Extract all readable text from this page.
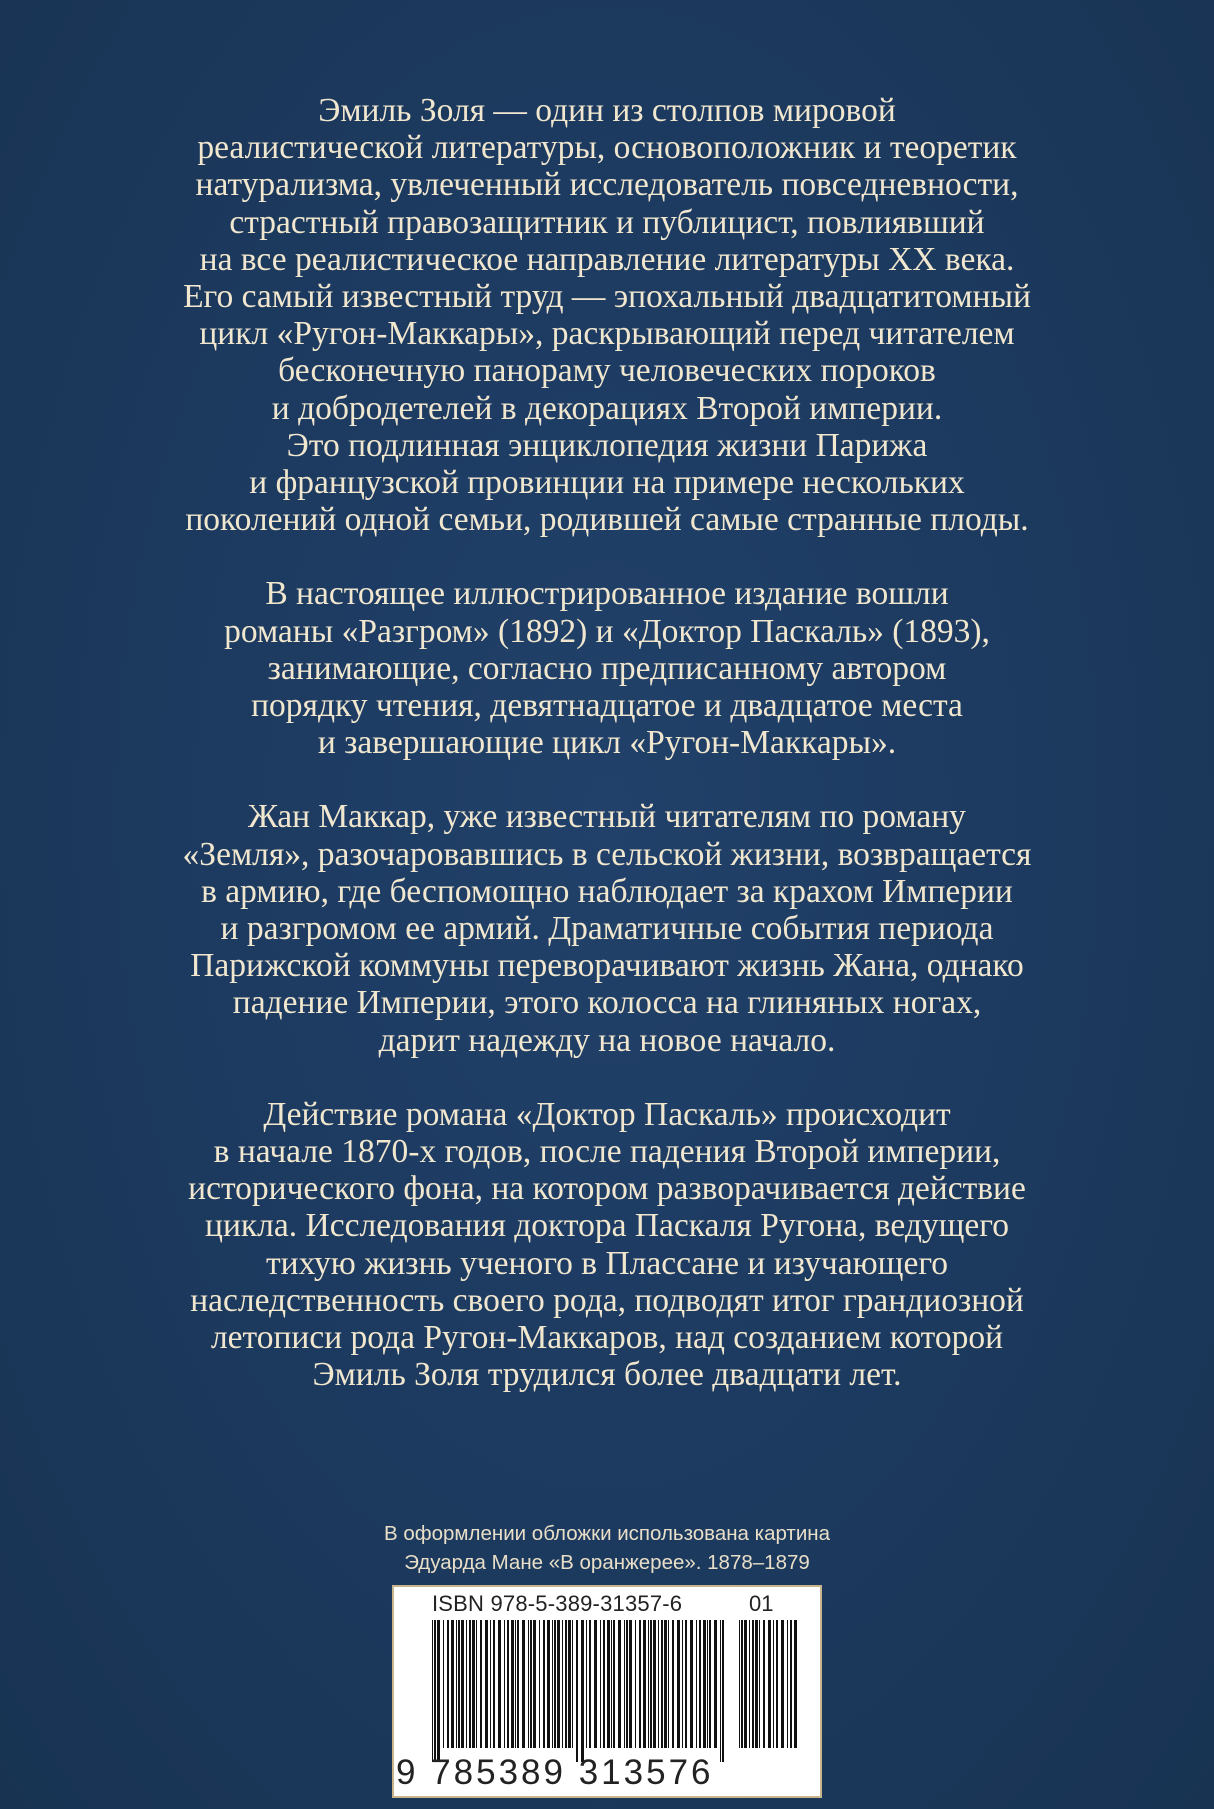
Эмиль Золя — один из столпов мировой
реалистической литературы, основоположник и теоретик
натурализма, увлеченный исследователь повседневности,
страстный правозащитник и публицист, повлиявший
на все реалистическое направление литературы XX века.
Его самый известный труд — эпохальный двадцатитомный
цикл «Ругон-Маккары», раскрывающий перед читателем
бесконечную панораму человеческих пороков
и добродетелей в декорациях Второй империи.
Это подлинная энциклопедия жизни Парижа
и французской провинции на примере нескольких
поколений одной семьи, родившей самые странные плоды.
В настоящее иллюстрированное издание вошли
романы «Разгром» (1892) и «Доктор Паскаль» (1893),
занимающие, согласно предписанному автором
порядку чтения, девятнадцатое и двадцатое места
и завершающие цикл «Ругон-Маккары».
Жан Маккар, уже известный читателям по роману
«Земля», разочаровавшись в сельской жизни, возвращается
в армию, где беспомощно наблюдает за крахом Империи
и разгромом ее армий. Драматичные события периода
Парижской коммуны переворачивают жизнь Жана, однако
падение Империи, этого колосса на глиняных ногах,
дарит надежду на новое начало.
Действие романа «Доктор Паскаль» происходит
в начале 1870-х годов, после падения Второй империи,
исторического фона, на котором разворачивается действие
цикла. Исследования доктора Паскаля Ругона, ведущего
тихую жизнь ученого в Плассане и изучающего
наследственность своего рода, подводят итог грандиозной
летописи рода Ругон-Маккаров, над созданием которой
Эмиль Золя трудился более двадцати лет.
В оформлении обложки использована картина
Эдуарда Мане «В оранжерее». 1878–1879
ISBN 978-5-389-31357-6	01
9 785389 313576
